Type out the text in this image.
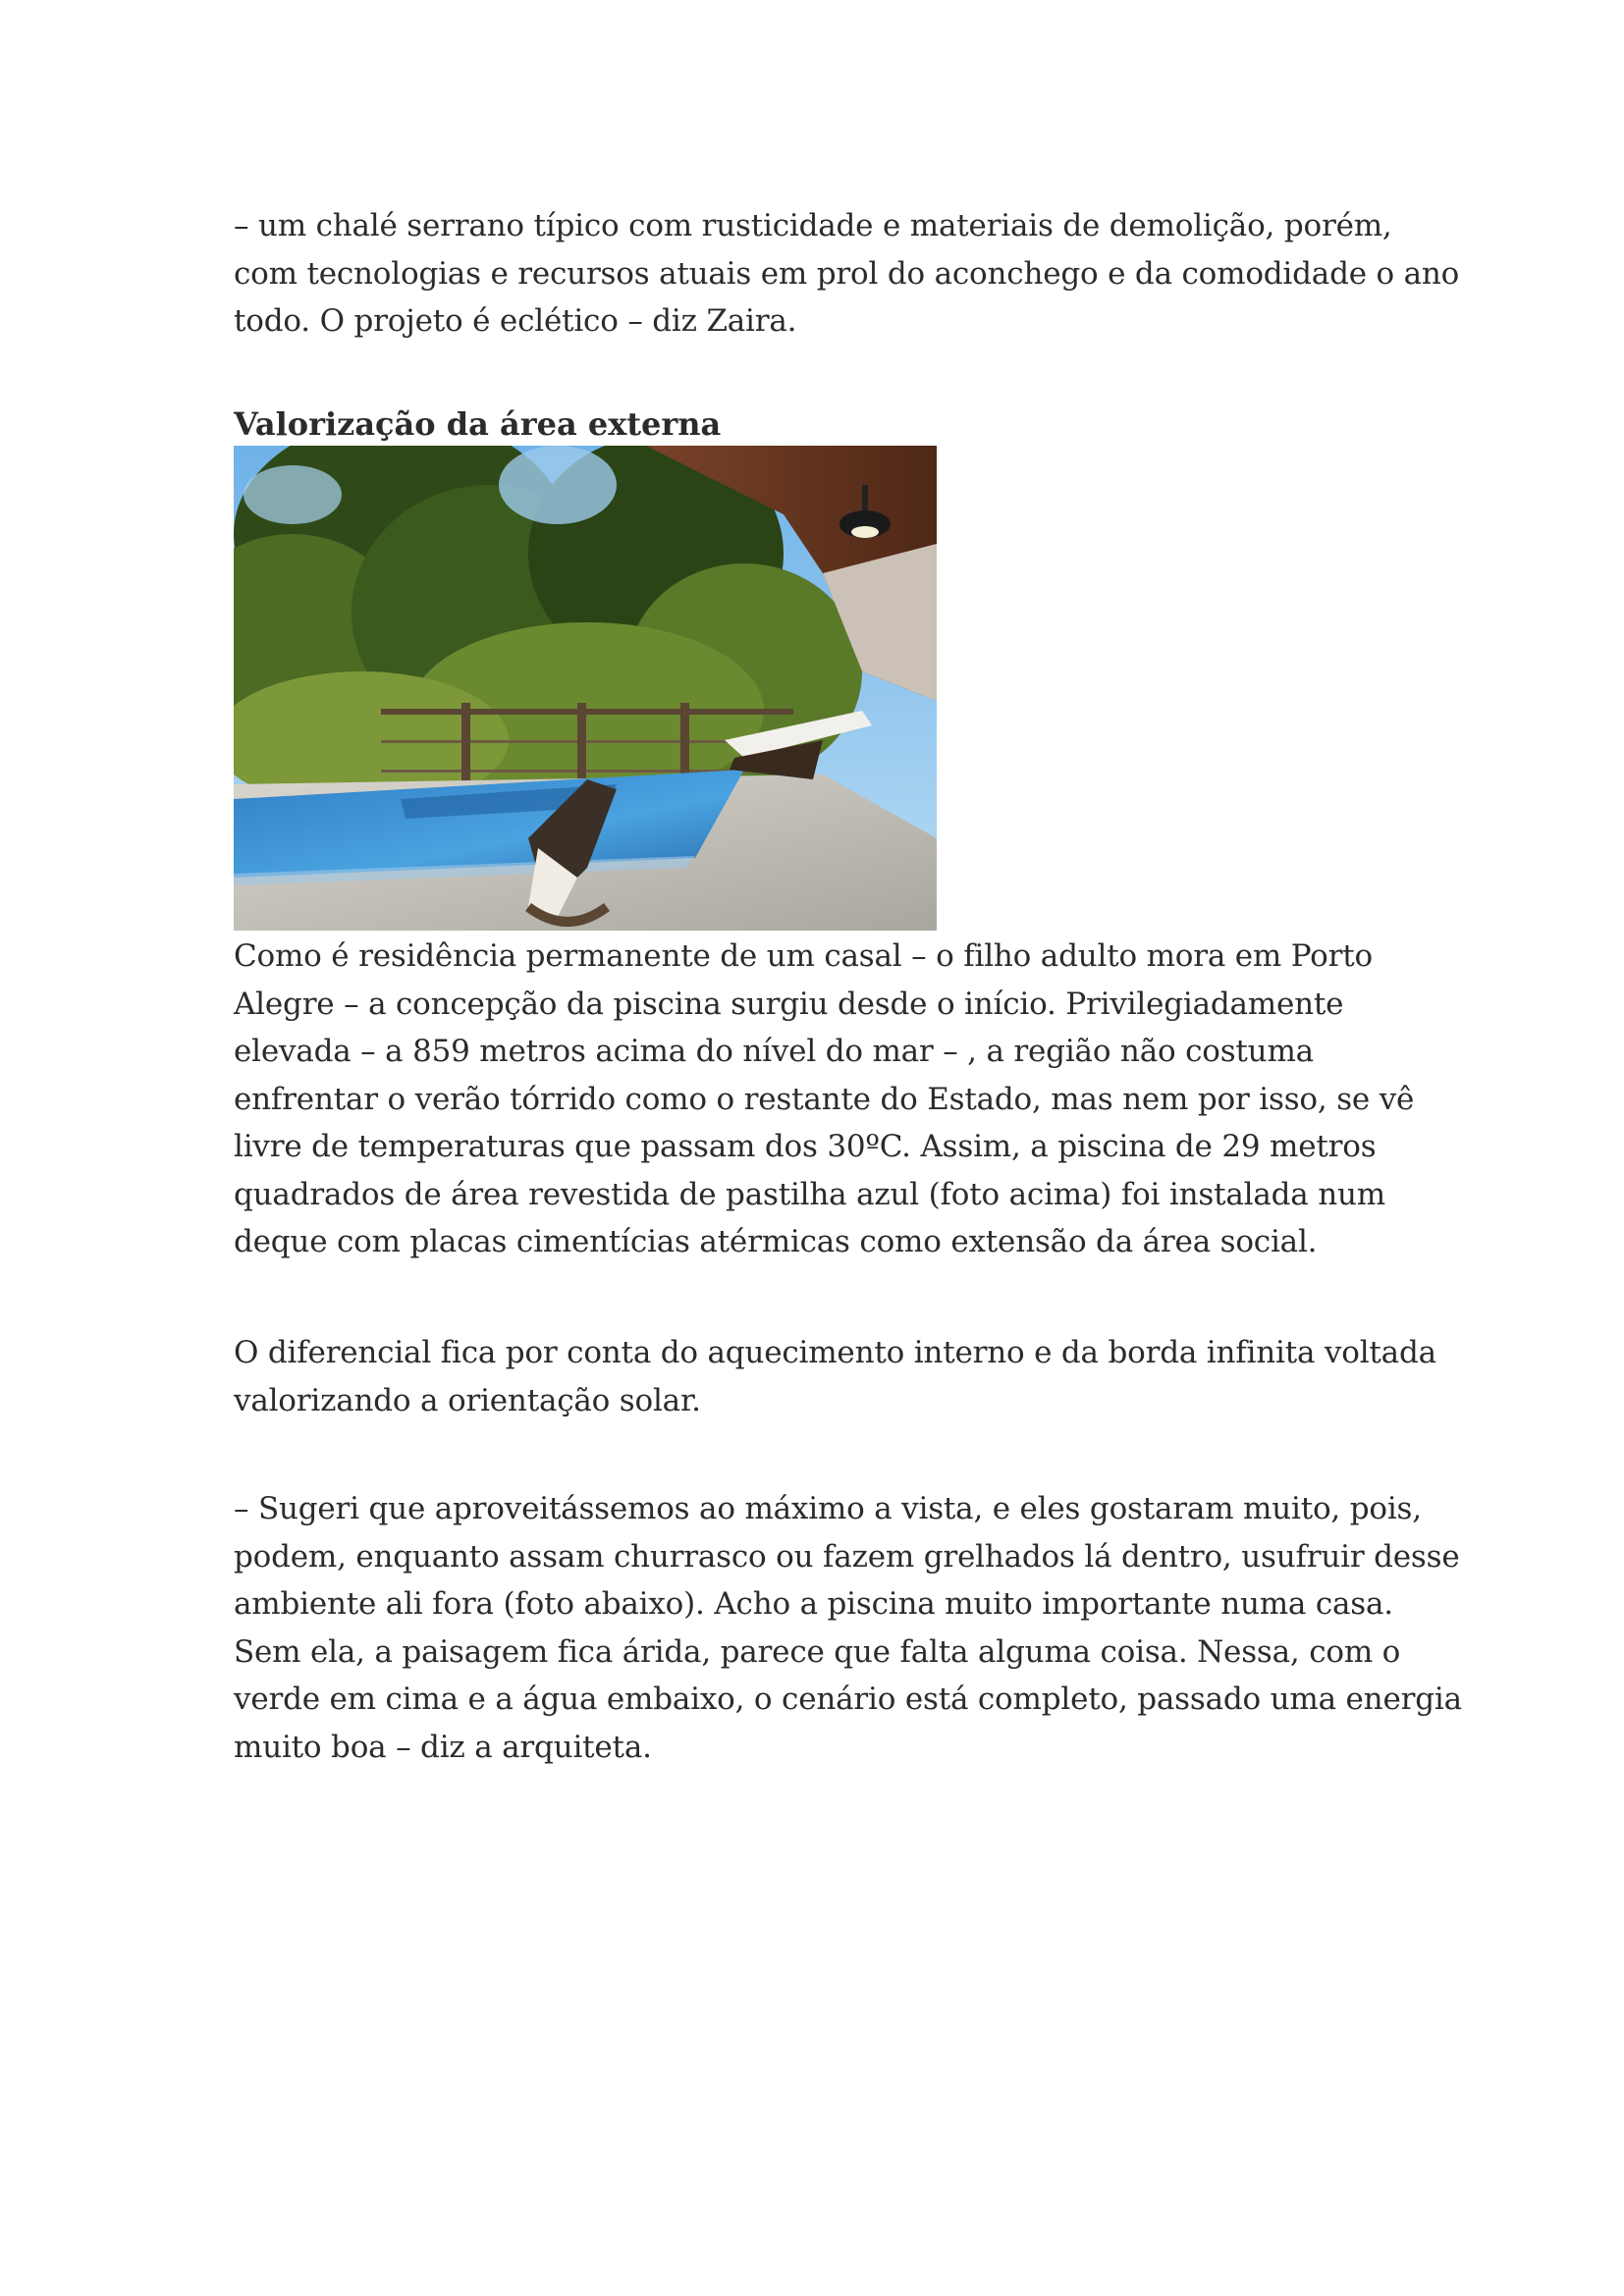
– um chalé serrano típico com rusticidade e materiais de demolição, porém,
com tecnologias e recursos atuais em prol do aconchego e da comodidade o ano
todo. O projeto é eclético – diz Zaira.

Valorização da área externa

Como é residência permanente de um casal – o filho adulto mora em Porto
Alegre – a concepção da piscina surgiu desde o início. Privilegiadamente
elevada – a 859 metros acima do nível do mar – , a região não costuma
enfrentar o verão tórrido como o restante do Estado, mas nem por isso, se vê
livre de temperaturas que passam dos 30ºC. Assim, a piscina de 29 metros
quadrados de área revestida de pastilha azul (foto acima) foi instalada num
deque com placas cimentícias atérmicas como extensão da área social.

O diferencial fica por conta do aquecimento interno e da borda infinita voltada
valorizando a orientação solar.

– Sugeri que aproveitássemos ao máximo a vista, e eles gostaram muito, pois,
podem, enquanto assam churrasco ou fazem grelhados lá dentro, usufruir desse
ambiente ali fora (foto abaixo). Acho a piscina muito importante numa casa.
Sem ela, a paisagem fica árida, parece que falta alguma coisa. Nessa, com o
verde em cima e a água embaixo, o cenário está completo, passado uma energia
muito boa – diz a arquiteta.
